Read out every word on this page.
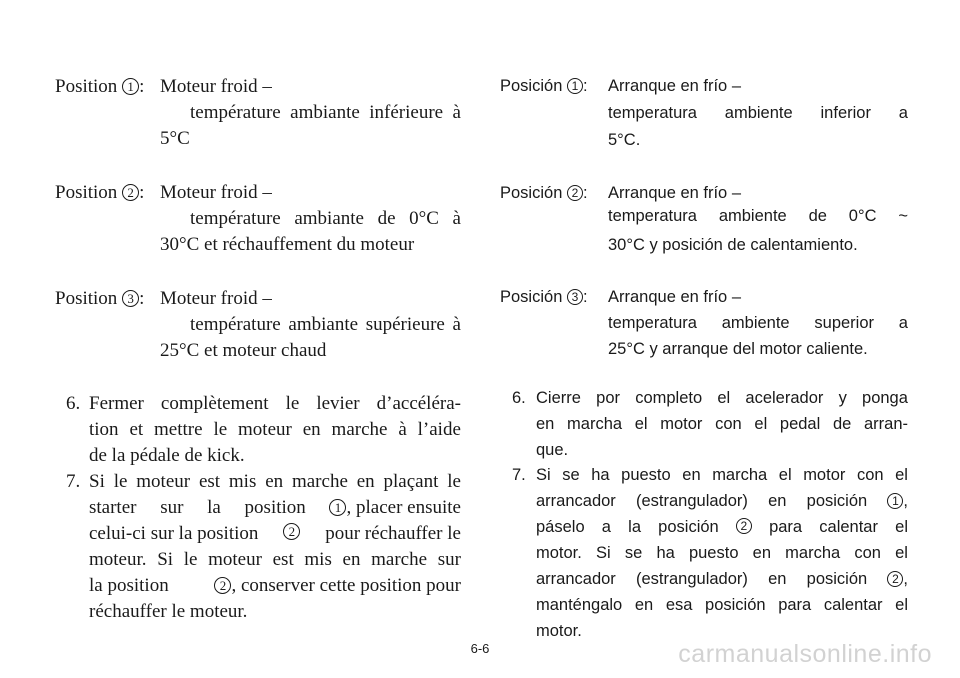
Position 1 : Moteur froid –
température ambiante inférieure à
5°C
Position 2 : Moteur froid –
température ambiante de 0°C à
30°C et réchauffement du moteur
Position 3 : Moteur froid –
température ambiante supérieure à
25°C et moteur chaud
6. Fermer complètement le levier d’accéléra-
tion et mettre le moteur en marche à l’aide
de la pédale de kick.
7. Si le moteur est mis en marche en plaçant le
starter sur la position	1 , placer ensuite
celui-ci sur la position	2 pour réchauffer le
moteur. Si le moteur est mis en marche sur
la position	2 , conserver cette position pour
réchauffer le moteur.
Posición 1 : Arranque en frío –
temperatura ambiente inferior a
5°C.
Posición 2 : Arranque en frío –
temperatura ambiente de 0°C ~
30°C y posición de calentamiento.
Posición 3 : Arranque en frío –
temperatura ambiente superior a
25°C y arranque del motor caliente.
6. Cierre por completo el acelerador y ponga
en marcha el motor con el pedal de arran-
que.
7. Si se ha puesto en marcha el motor con el
arrancador (estrangulador) en posición	1 ,
páselo a la posición	2 para calentar el
motor. Si se ha puesto en marcha con el
arrancador (estrangulador) en posición	2 ,
manténgalo en esa posición para calentar el
motor.
6-6	carmanualsonline.info
